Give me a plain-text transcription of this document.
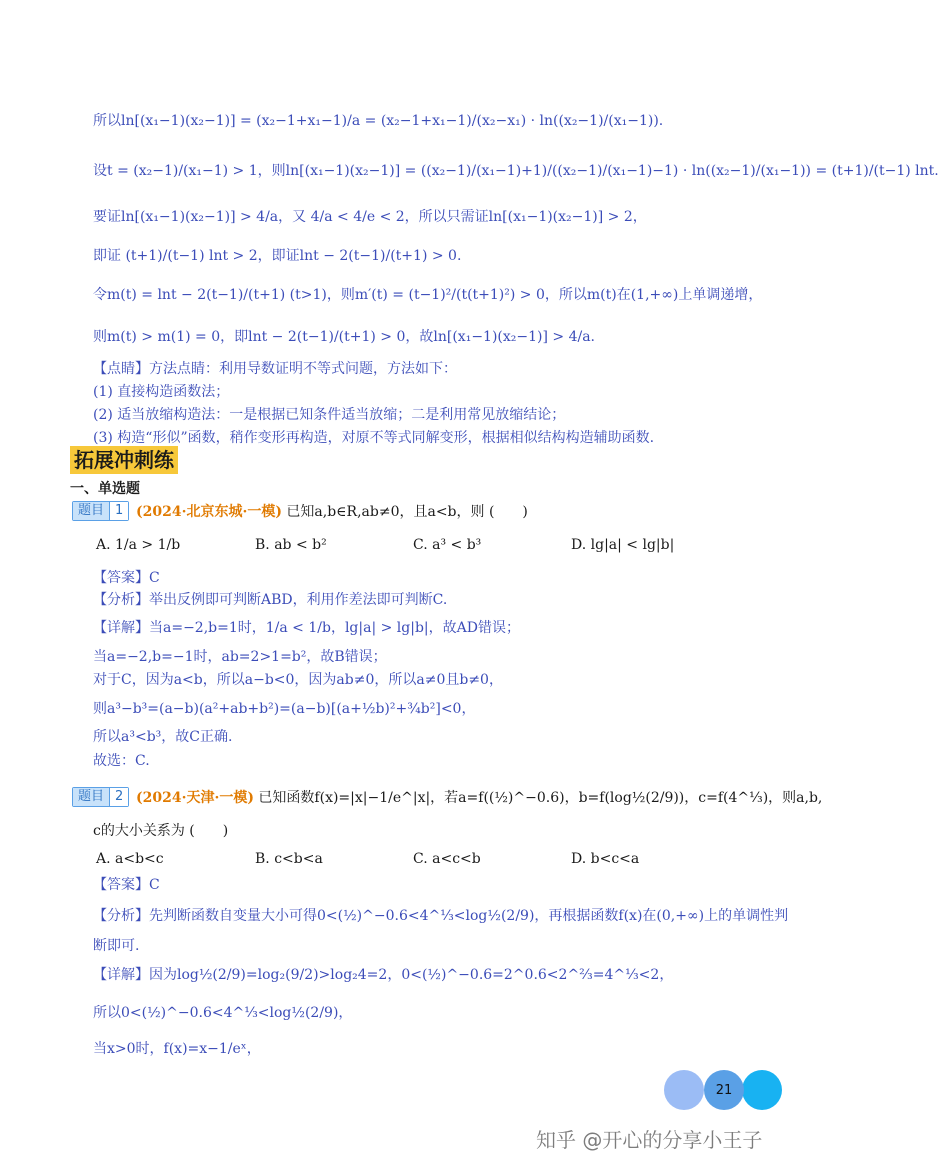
所以ln[(x₁−1)(x₂−1)] = (x₂−1+x₁−1)/a = (x₂−1+x₁−1)/(x₂−x₁) · ln((x₂−1)/(x₁−1)).
设t = (x₂−1)/(x₁−1) > 1，则ln[(x₁−1)(x₂−1)] = ((x₂−1)/(x₁−1)+1)/((x₂−1)/(x₁−1)−1) · ln((x₂−1)/(x₁−1)) = (t+1)/(t−1) lnt.
要证ln[(x₁−1)(x₂−1)] > 4/a，又 4/a < 4/e < 2，所以只需证ln[(x₁−1)(x₂−1)] > 2，
即证 (t+1)/(t−1) lnt > 2，即证lnt − 2(t−1)/(t+1) > 0.
令m(t) = lnt − 2(t−1)/(t+1) (t>1)，则m′(t) = (t−1)²/(t(t+1)²) > 0，所以m(t)在(1,+∞)上单调递增，
则m(t) > m(1) = 0，即lnt − 2(t−1)/(t+1) > 0，故ln[(x₁−1)(x₂−1)] > 4/a.
【点睛】方法点睛：利用导数证明不等式问题，方法如下：
(1) 直接构造函数法；
(2) 适当放缩构造法：一是根据已知条件适当放缩；二是利用常见放缩结论；
(3) 构造“形似”函数，稍作变形再构造，对原不等式同解变形，根据相似结构构造辅助函数.
拓展冲刺练
一、单选题
题目 1 (2024·北京东城·一模) 已知a,b∈R,ab≠0，且a<b，则 (　　)
A. 1/a > 1/b	B. ab < b²	C. a³ < b³	D. lg|a| < lg|b|
【答案】C
【分析】举出反例即可判断ABD，利用作差法即可判断C.
【详解】当a=−2,b=1时，1/a < 1/b，lg|a| > lg|b|，故AD错误；
当a=−2,b=−1时，ab=2>1=b²，故B错误；
对于C，因为a<b，所以a−b<0，因为ab≠0，所以a≠0且b≠0，
则a³−b³=(a−b)(a²+ab+b²)=(a−b)[(a+½b)²+¾b²]<0，
所以a³<b³，故C正确.
故选：C.
题目 2 (2024·天津·一模) 已知函数f(x)=|x|−1/e^|x|，若a=f((½)^−0.6)，b=f(log½(2/9))，c=f(4^⅓)，则a,b,
c的大小关系为 (　　)
A. a<b<c	B. c<b<a	C. a<c<b	D. b<c<a
【答案】C
【分析】先判断函数自变量大小可得0<(½)^−0.6<4^⅓<log½(2/9)，再根据函数f(x)在(0,+∞)上的单调性判
断即可.
【详解】因为log½(2/9)=log₂(9/2)>log₂4=2，0<(½)^−0.6=2^0.6<2^⅔=4^⅓<2，
所以0<(½)^−0.6<4^⅓<log½(2/9)，
当x>0时，f(x)=x−1/eˣ，
21
知乎 @开心的分享小王子
